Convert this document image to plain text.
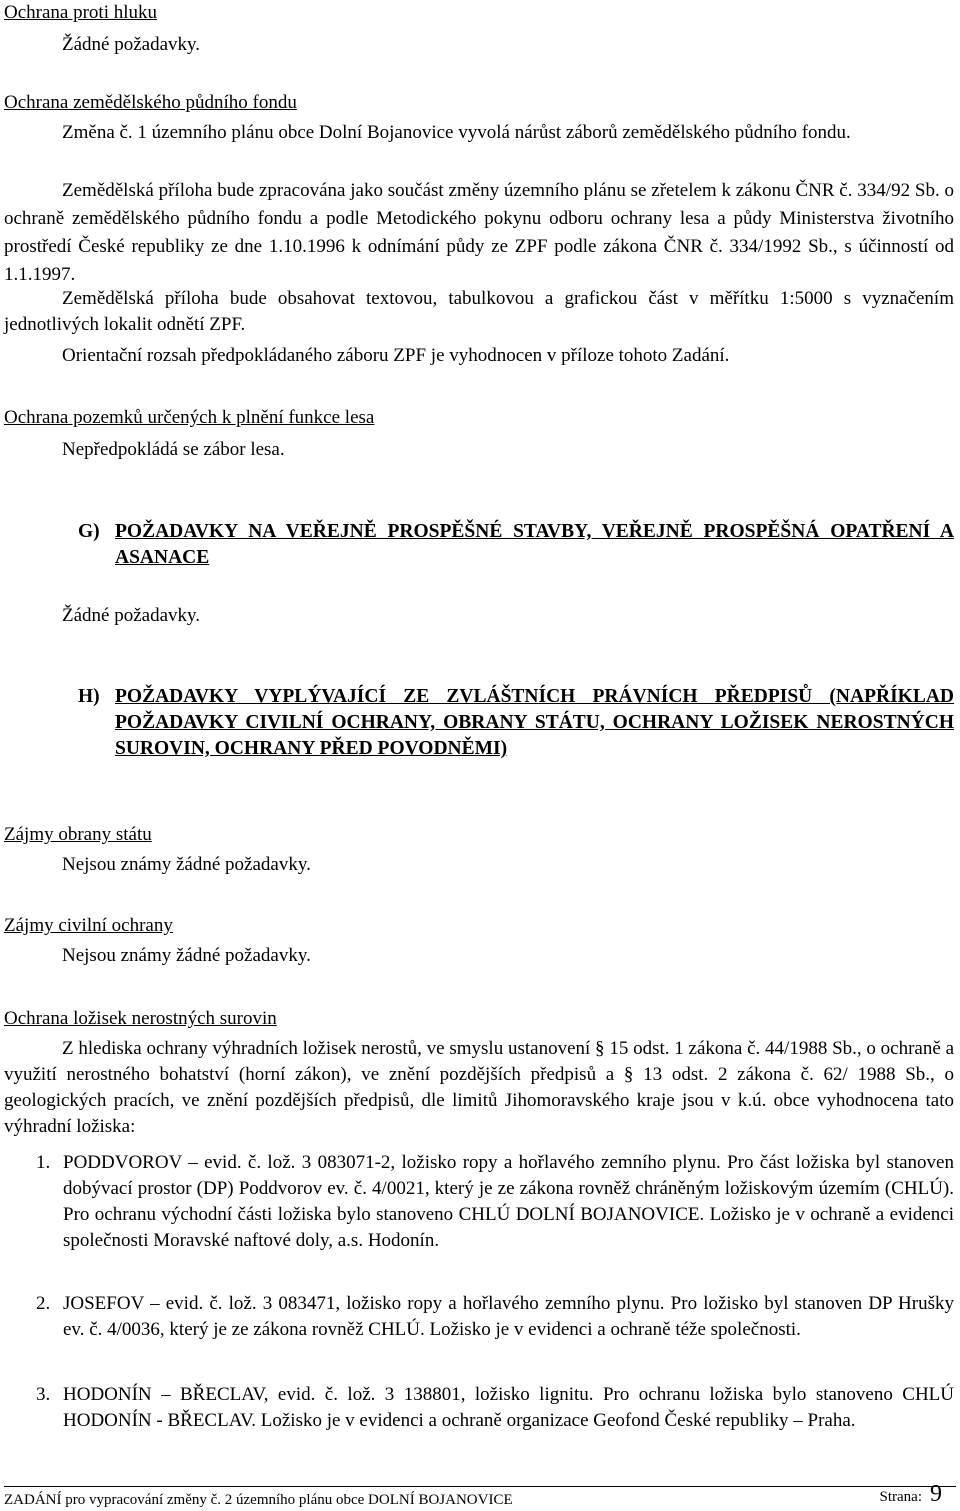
Ochrana proti hluku
Žádné požadavky.
Ochrana zemědělského půdního fondu
Změna č. 1 územního plánu obce Dolní Bojanovice vyvolá nárůst záborů zemědělského půdního fondu.
Zemědělská příloha bude zpracována jako součást změny územního plánu se zřetelem k zákonu ČNR č. 334/92 Sb. o ochraně zemědělského půdního fondu a podle Metodického pokynu odboru ochrany lesa a půdy Ministerstva životního prostředí České republiky ze dne 1.10.1996 k odnímání půdy ze ZPF podle zákona ČNR č. 334/1992 Sb., s účinností od 1.1.1997.
Zemědělská příloha bude obsahovat textovou, tabulkovou a grafickou část v měřítku 1:5000 s vyznačením jednotlivých lokalit odnětí ZPF.
Orientační rozsah předpokládaného záboru ZPF je vyhodnocen v příloze tohoto Zadání.
Ochrana pozemků určených k plnění funkce lesa
Nepředpokládá se zábor lesa.
G) POŽADAVKY NA VEŘEJNĚ PROSPĚŠNÉ STAVBY, VEŘEJNĚ PROSPĚŠNÁ OPATŘENÍ A ASANACE
Žádné požadavky.
H) POŽADAVKY VYPLÝVAJÍCÍ ZE ZVLÁŠTNÍCH PRÁVNÍCH PŘEDPISŮ (NAPŘÍKLAD POŽADAVKY CIVILNÍ OCHRANY, OBRANY STÁTU, OCHRANY LOŽISEK NEROSTNÝCH SUROVIN, OCHRANY PŘED POVODNĚMI)
Zájmy obrany státu
Nejsou známy žádné požadavky.
Zájmy civilní ochrany
Nejsou známy žádné požadavky.
Ochrana ložisek nerostných surovin
Z hlediska ochrany výhradních ložisek nerostů, ve smyslu ustanovení § 15 odst. 1 zákona č. 44/1988 Sb., o ochraně a využití nerostného bohatství (horní zákon), ve znění pozdějších předpisů a § 13 odst. 2 zákona č. 62/ 1988 Sb., o geologických pracích, ve znění pozdějších předpisů, dle limitů Jihomoravského kraje jsou v k.ú. obce vyhodnocena tato výhradní ložiska:
1. PODDVOROV – evid. č. lož. 3 083071-2, ložisko ropy a hořlavého zemního plynu. Pro část ložiska byl stanoven dobývací prostor (DP) Poddvorov ev. č. 4/0021, který je ze zákona rovněž chráněným ložiskovým územím (CHLÚ). Pro ochranu východní části ložiska bylo stanoveno CHLÚ DOLNÍ BOJANOVICE. Ložisko je v ochraně a evidenci společnosti Moravské naftové doly, a.s. Hodonín.
2. JOSEFOV – evid. č. lož. 3 083471, ložisko ropy a hořlavého zemního plynu. Pro ložisko byl stanoven DP Hrušky ev. č. 4/0036, který je ze zákona rovněž CHLÚ. Ložisko je v evidenci a ochraně téže společnosti.
3. HODONÍN – BŘECLAV, evid. č. lož. 3 138801, ložisko lignitu. Pro ochranu ložiska bylo stanoveno CHLÚ HODONÍN - BŘECLAV. Ložisko je v evidenci a ochraně organizace Geofond České republiky – Praha.
ZADÁNÍ pro vypracování změny č. 2 územního plánu obce DOLNÍ BOJANOVICE	Strana: 9
